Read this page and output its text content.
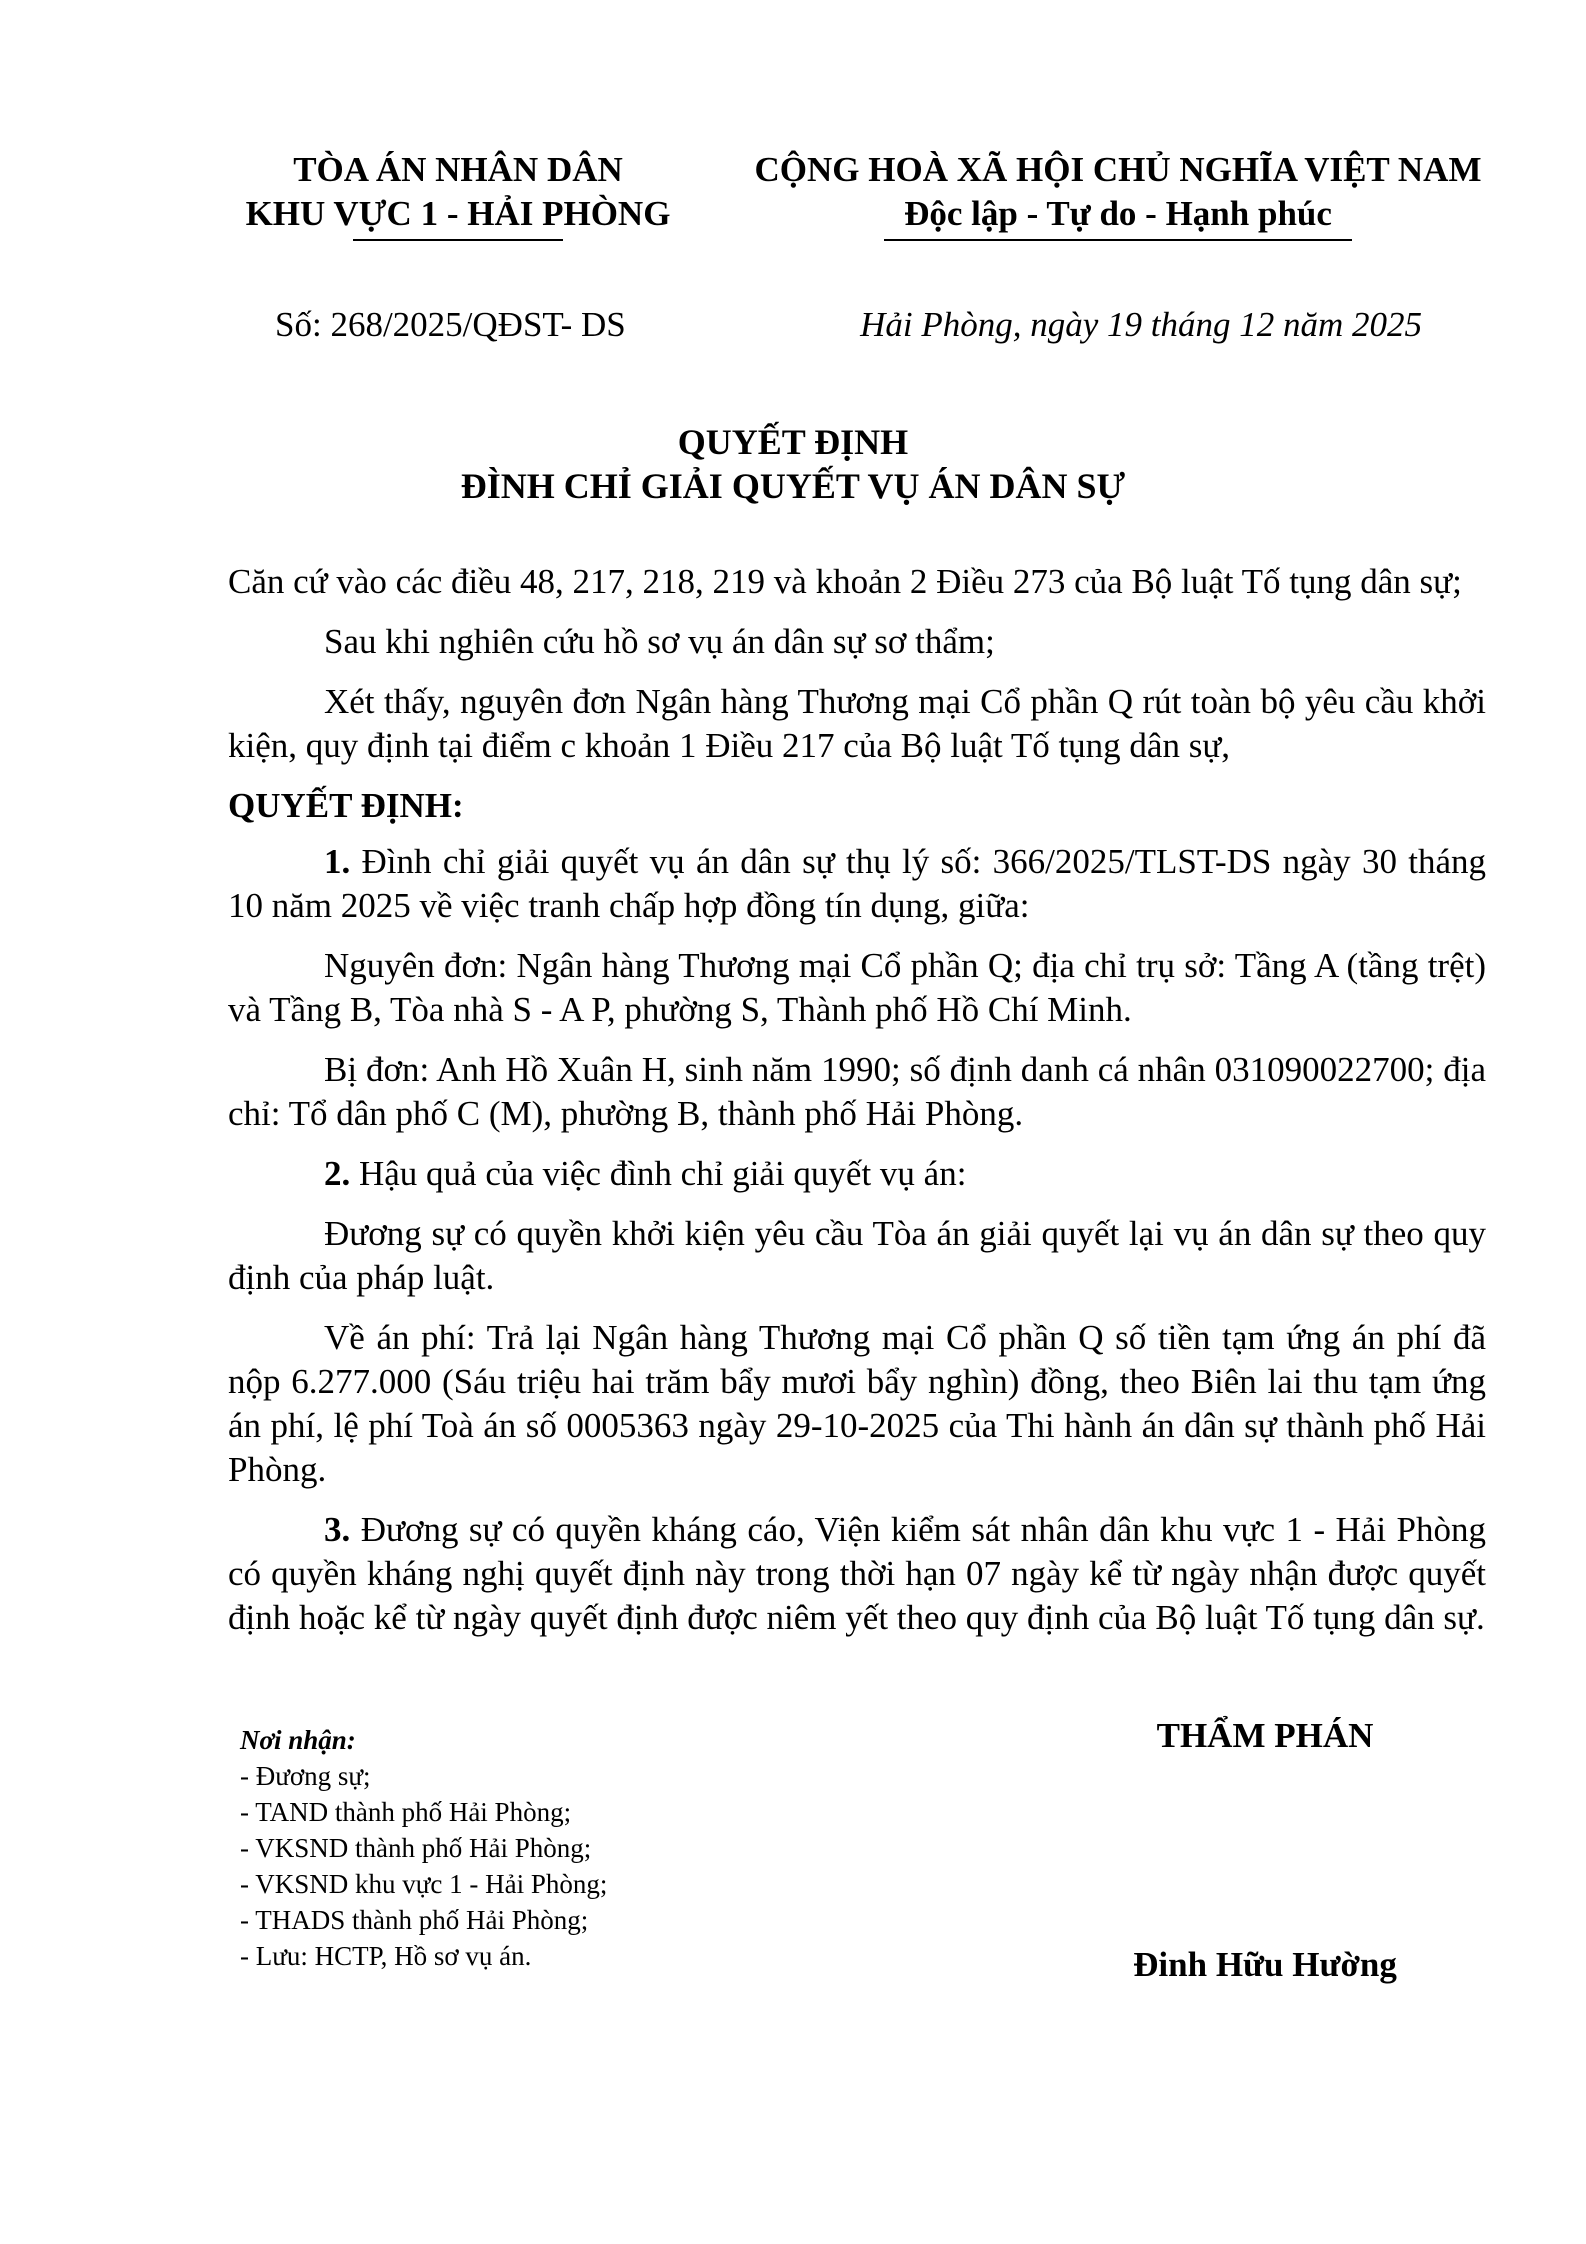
TÒA ÁN NHÂN DÂN
KHU VỰC 1 - HẢI PHÒNG
CỘNG HOÀ XÃ HỘI CHỦ NGHĨA VIỆT NAM
Độc lập - Tự do - Hạnh phúc
Số: 268/2025/QĐST- DS	Hải Phòng, ngày 19 tháng 12 năm 2025
QUYẾT ĐỊNH
ĐÌNH CHỈ GIẢI QUYẾT VỤ ÁN DÂN SỰ

Căn cứ vào các điều 48, 217, 218, 219 và khoản 2 Điều 273 của Bộ luật Tố tụng dân sự;

Sau khi nghiên cứu hồ sơ vụ án dân sự sơ thẩm;

Xét thấy, nguyên đơn Ngân hàng Thương mại Cổ phần Q rút toàn bộ yêu cầu khởi kiện, quy định tại điểm c khoản 1 Điều 217 của Bộ luật Tố tụng dân sự,

QUYẾT ĐỊNH:

1. Đình chỉ giải quyết vụ án dân sự thụ lý số: 366/2025/TLST-DS ngày 30 tháng 10 năm 2025 về việc tranh chấp hợp đồng tín dụng, giữa:

Nguyên đơn: Ngân hàng Thương mại Cổ phần Q; địa chỉ trụ sở: Tầng A (tầng trệt) và Tầng B, Tòa nhà S - A P, phường S, Thành phố Hồ Chí Minh.

Bị đơn: Anh Hồ Xuân H, sinh năm 1990; số định danh cá nhân 031090022700; địa chỉ: Tổ dân phố C (M), phường B, thành phố Hải Phòng.

2. Hậu quả của việc đình chỉ giải quyết vụ án:

Đương sự có quyền khởi kiện yêu cầu Tòa án giải quyết lại vụ án dân sự theo quy định của pháp luật.

Về án phí: Trả lại Ngân hàng Thương mại Cổ phần Q số tiền tạm ứng án phí đã nộp 6.277.000 (Sáu triệu hai trăm bẩy mươi bẩy nghìn) đồng, theo Biên lai thu tạm ứng án phí, lệ phí Toà án số 0005363 ngày 29-10-2025 của Thi hành án dân sự thành phố Hải Phòng.

3. Đương sự có quyền kháng cáo, Viện kiểm sát nhân dân khu vực 1 - Hải Phòng có quyền kháng nghị quyết định này trong thời hạn 07 ngày kể từ ngày nhận được quyết định hoặc kể từ ngày quyết định được niêm yết theo quy định của Bộ luật Tố tụng dân sự.

Nơi nhận:
- Đương sự;
- TAND thành phố Hải Phòng;
- VKSND thành phố Hải Phòng;
- VKSND khu vực 1 - Hải Phòng;
- THADS thành phố Hải Phòng;
- Lưu: HCTP, Hồ sơ vụ án.
THẨM PHÁN
Đinh Hữu Hường
